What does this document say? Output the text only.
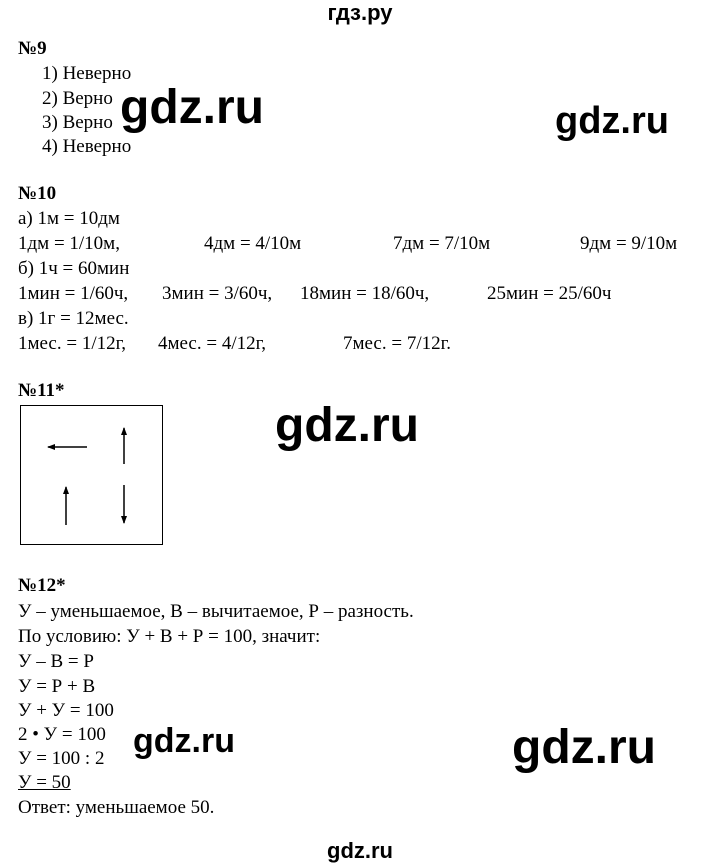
гдз.ру
№9
1) Неверно
2) Верно
3) Верно
4) Неверно
gdz.ru	gdz.ru
№10
а) 1м = 10дм
1дм = 1/10м,	4дм = 4/10м	7дм = 7/10м	9дм = 9/10м
б) 1ч = 60мин
1мин = 1/60ч, 3мин = 3/60ч, 18мин = 18/60ч,	25мин = 25/60ч
в) 1г = 12мес.
1мес. = 1/12г, 4мес. = 4/12г,	7мес. = 7/12г.
№11*
gdz.ru
№12*
У – уменьшаемое, В – вычитаемое, Р – разность.
По условию: У + В + Р = 100, значит:
У – В = Р
У = Р + В
У + У = 100
2 • У = 100
У = 100 : 2
У = 50
Ответ: уменьшаемое 50.
gdz.ru	gdz.ru
gdz.ru
